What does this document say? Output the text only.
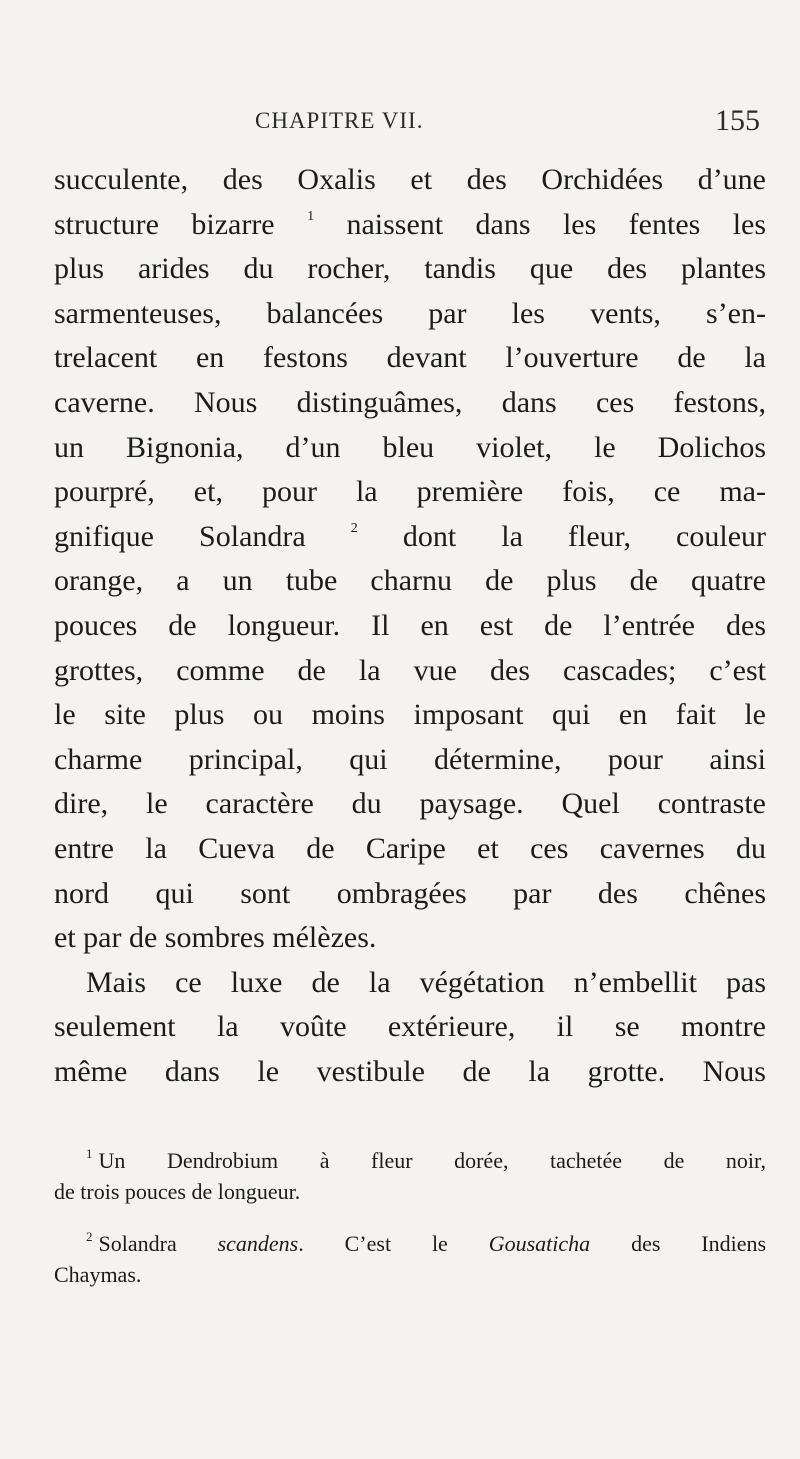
CHAPITRE VII.	155
succulente, des Oxalis et des Orchidées d’une
structure bizarre $^1$ naissent dans les fentes les
plus arides du rocher, tandis que des plantes
sarmenteuses, balancées par les vents, s’en-
trelacent en festons devant l’ouverture de la
caverne. Nous distinguâmes, dans ces festons,
un Bignonia, d’un bleu violet, le Dolichos
pourpré, et, pour la première fois, ce ma-
gnifique Solandra	$^2$ dont la fleur, couleur
orange, a un tube charnu de plus de quatre
pouces de longueur. Il en est de l’entrée des
grottes, comme de la vue des cascades; c’est
le site plus ou moins imposant qui en fait le
charme principal, qui détermine, pour ainsi
dire, le caractère du paysage. Quel contraste
entre la Cueva de Caripe et ces cavernes du
nord qui sont ombragées par des chênes
et par de sombres mélèzes.
Mais ce luxe de la végétation n’embellit pas
seulement la voûte extérieure, il se montre
même dans le vestibule de la grotte. Nous
$^1$ Un Dendrobium à fleur dorée, tachetée de noir,
de trois pouces de longueur.
$^2$ Solandra scandens. C’est le Gousaticha des Indiens
Chaymas.
